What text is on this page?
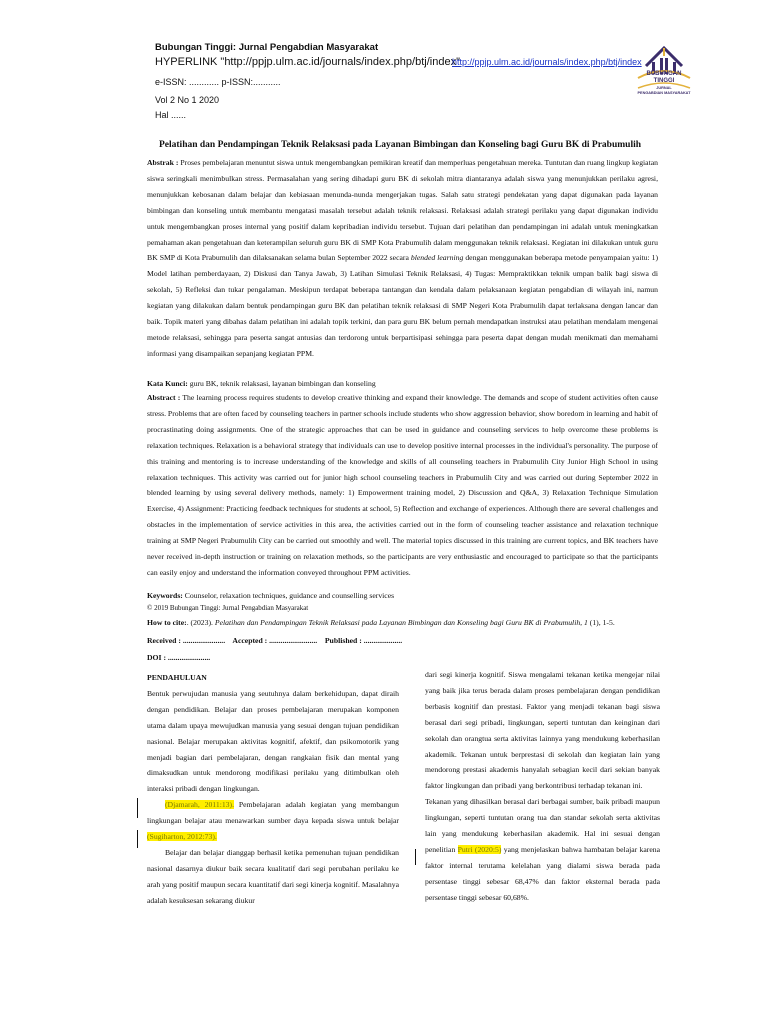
Bubungan Tinggi: Jurnal Pengabdian Masyarakat
HYPERLINK "http://ppjp.ulm.ac.id/journals/index.php/btj/index"
http://ppjp.ulm.ac.id/journals/index.php/btj/index
e-ISSN: ............ p-ISSN:...........
Vol 2 No 1 2020
Hal ......
BUBUNGAN
TINGGI
JURNAL
PENGABDIAN MASYARAKAT
Pelatihan dan Pendampingan Teknik Relaksasi pada Layanan Bimbingan dan Konseling bagi Guru BK di Prabumulih
Abstrak : Proses pembelajaran menuntut siswa untuk mengembangkan pemikiran kreatif dan memperluas pengetahuan mereka. Tuntutan dan ruang lingkup kegiatan siswa seringkali menimbulkan stress. Permasalahan yang sering dihadapi guru BK di sekolah mitra diantaranya adalah siswa yang menunjukkan perilaku agresi, menunjukkan kebosanan dalam belajar dan kebiasaan menunda-nunda mengerjakan tugas. Salah satu strategi pendekatan yang dapat digunakan pada layanan bimbingan dan konseling untuk membantu mengatasi masalah tersebut adalah teknik relaksasi. Relaksasi adalah strategi perilaku yang dapat digunakan individu untuk mengembangkan proses internal yang positif dalam kepribadian individu tersebut. Tujuan dari pelatihan dan pendampingan ini adalah untuk meningkatkan pemahaman akan pengetahuan dan keterampilan seluruh guru BK di SMP Kota Prabumulih dalam menggunakan teknik relaksasi. Kegiatan ini dilakukan untuk guru BK SMP di Kota Prabumulih dan dilaksanakan selama bulan September 2022 secara blended learning dengan menggunakan beberapa metode penyampaian yaitu: 1) Model latihan pemberdayaan, 2) Diskusi dan Tanya Jawab, 3) Latihan Simulasi Teknik Relaksasi, 4) Tugas: Mempraktikkan teknik umpan balik bagi siswa di sekolah, 5) Refleksi dan tukar pengalaman. Meskipun terdapat beberapa tantangan dan kendala dalam pelaksanaan kegiatan pengabdian di wilayah ini, namun kegiatan yang dilakukan dalam bentuk pendampingan guru BK dan pelatihan teknik relaksasi di SMP Negeri Kota Prabumulih dapat terlaksana dengan lancar dan baik. Topik materi yang dibahas dalam pelatihan ini adalah topik terkini, dan para guru BK belum pernah mendapatkan instruksi atau pelatihan mendalam mengenai metode relaksasi, sehingga para peserta sangat antusias dan terdorong untuk berpartisipasi sehingga para peserta dapat dengan mudah menikmati dan memahami informasi yang disampaikan sepanjang kegiatan PPM.
Kata Kunci: guru BK, teknik relaksasi, layanan bimbingan dan konseling
Abstract : The learning process requires students to develop creative thinking and expand their knowledge. The demands and scope of student activities often cause stress. Problems that are often faced by counseling teachers in partner schools include students who show aggression behavior, show boredom in learning and habit of procrastinating doing assignments. One of the strategic approaches that can be used in guidance and counseling services to help overcome these problems is relaxation techniques. Relaxation is a behavioral strategy that individuals can use to develop positive internal processes in the individual's personality. The purpose of this training and mentoring is to increase understanding of the knowledge and skills of all counseling teachers in Prabumulih City Junior High School in using relaxation techniques. This activity was carried out for junior high school counseling teachers in Prabumulih City and was carried out during September 2022 in blended learning by using several delivery methods, namely: 1) Empowerment training model, 2) Discussion and Q&A, 3) Relaxation Technique Simulation Exercise, 4) Assignment: Practicing feedback techniques for students at school, 5) Reflection and exchange of experiences. Although there are several challenges and obstacles in the implementation of service activities in this area, the activities carried out in the form of counseling teacher assistance and relaxation technique training at SMP Negeri Prabumulih City can be carried out smoothly and well. The material topics discussed in this training are current topics, and BK teachers have never received in-depth instruction or training on relaxation methods, so the participants are very enthusiastic and encouraged to participate so that the participants can easily enjoy and understand the information conveyed throughout PPM activities.
Keywords: Counselor, relaxation techniques, guidance and counselling services
© 2019 Bubungan Tinggi: Jurnal Pengabdian Masyarakat
How to cite:. (2023). Pelatihan dan Pendampingan Teknik Relaksasi pada Layanan Bimbingan dan Konseling bagi Guru BK di Prabumulih, 1 (1), 1-5.
Received : ...................... Accepted : ......................... Published : ....................
DOI : ......................

PENDAHULUAN

Bentuk perwujudan manusia yang seutuhnya dalam berkehidupan, dapat diraih dengan pendidikan. Belajar dan proses pembelajaran merupakan komponen utama dalam upaya mewujudkan manusia yang sesuai dengan tujuan pendidikan nasional. Belajar merupakan aktivitas kognitif, afektif, dan psikomotorik yang menjadi bagian dari pembelajaran, dengan rangkaian fisik dan mental yang dimaksudkan untuk mendorong modifikasi perilaku yang ditimbulkan oleh interaksi pribadi dengan lingkungan.

(Djamarah, 2011:13). Pembelajaran adalah kegiatan yang membangun lingkungan belajar atau menawarkan sumber daya kepada siswa untuk belajar (Sugiharton, 2012:73).

Belajar dan belajar dianggap berhasil ketika pemenuhan tujuan pendidikan nasional dasarnya diukur baik secara kualitatif dari segi perubahan perilaku ke arah yang positif maupun secara kuantitatif dari segi kinerja kognitif. Masalahnya adalah kesuksesan sekarang diukur

dari segi kinerja kognitif. Siswa mengalami tekanan ketika mengejar nilai yang baik jika terus berada dalam proses pembelajaran dengan pendidikan berbasis kognitif dan prestasi. Faktor yang menjadi tekanan bagi siswa berasal dari segi pribadi, lingkungan, seperti tuntutan dan keinginan dari sekolah dan orangtua serta aktivitas lainnya yang mendukung keberhasilan akademik. Tekanan untuk berprestasi di sekolah dan kegiatan lain yang mendorong prestasi akademis hanyalah sebagian kecil dari sekian banyak faktor lingkungan dan pribadi yang berkontribusi terhadap tekanan ini.

Tekanan yang dihasilkan berasal dari berbagai sumber, baik pribadi maupun lingkungan, seperti tuntutan orang tua dan standar sekolah serta aktivitas lain yang mendukung keberhasilan akademik. Hal ini sesuai dengan penelitian Putri (2020:5) yang menjelaskan bahwa hambatan belajar karena faktor internal terutama kelelahan yang dialami siswa berada pada persentase tinggi sebesar 68,47% dan faktor eksternal berada pada persentase tinggi sebesar 60,68%.
